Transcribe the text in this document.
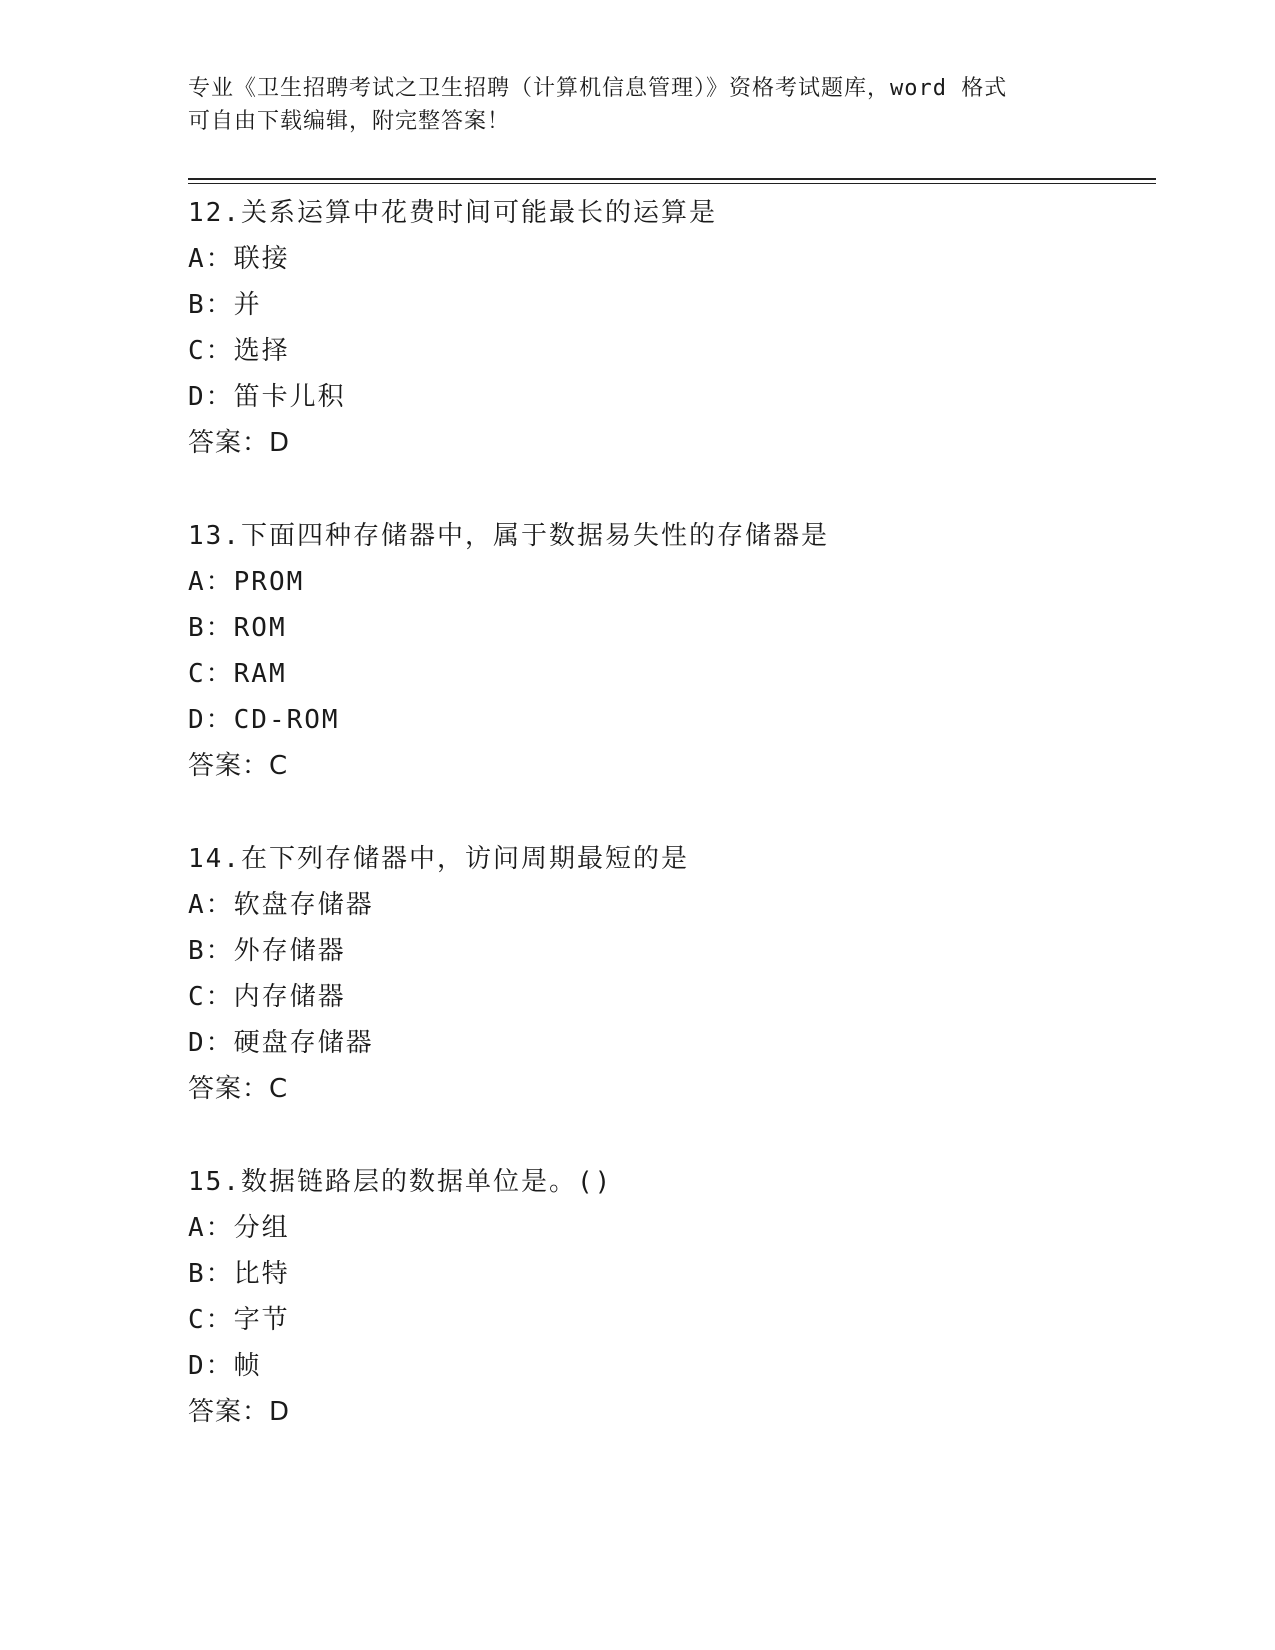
专业《卫生招聘考试之卫生招聘（计算机信息管理）》资格考试题库，word 格式
可自由下载编辑，附完整答案！
12.关系运算中花费时间可能最长的运算是
A：联接
B：并
C：选择
D：笛卡儿积
答案：D
13.下面四种存储器中，属于数据易失性的存储器是
A：PROM
B：ROM
C：RAM
D：CD-ROM
答案：C
14.在下列存储器中，访问周期最短的是
A：软盘存储器
B：外存储器
C：内存储器
D：硬盘存储器
答案：C
15.数据链路层的数据单位是。()
A：分组
B：比特
C：字节
D：帧
答案：D
